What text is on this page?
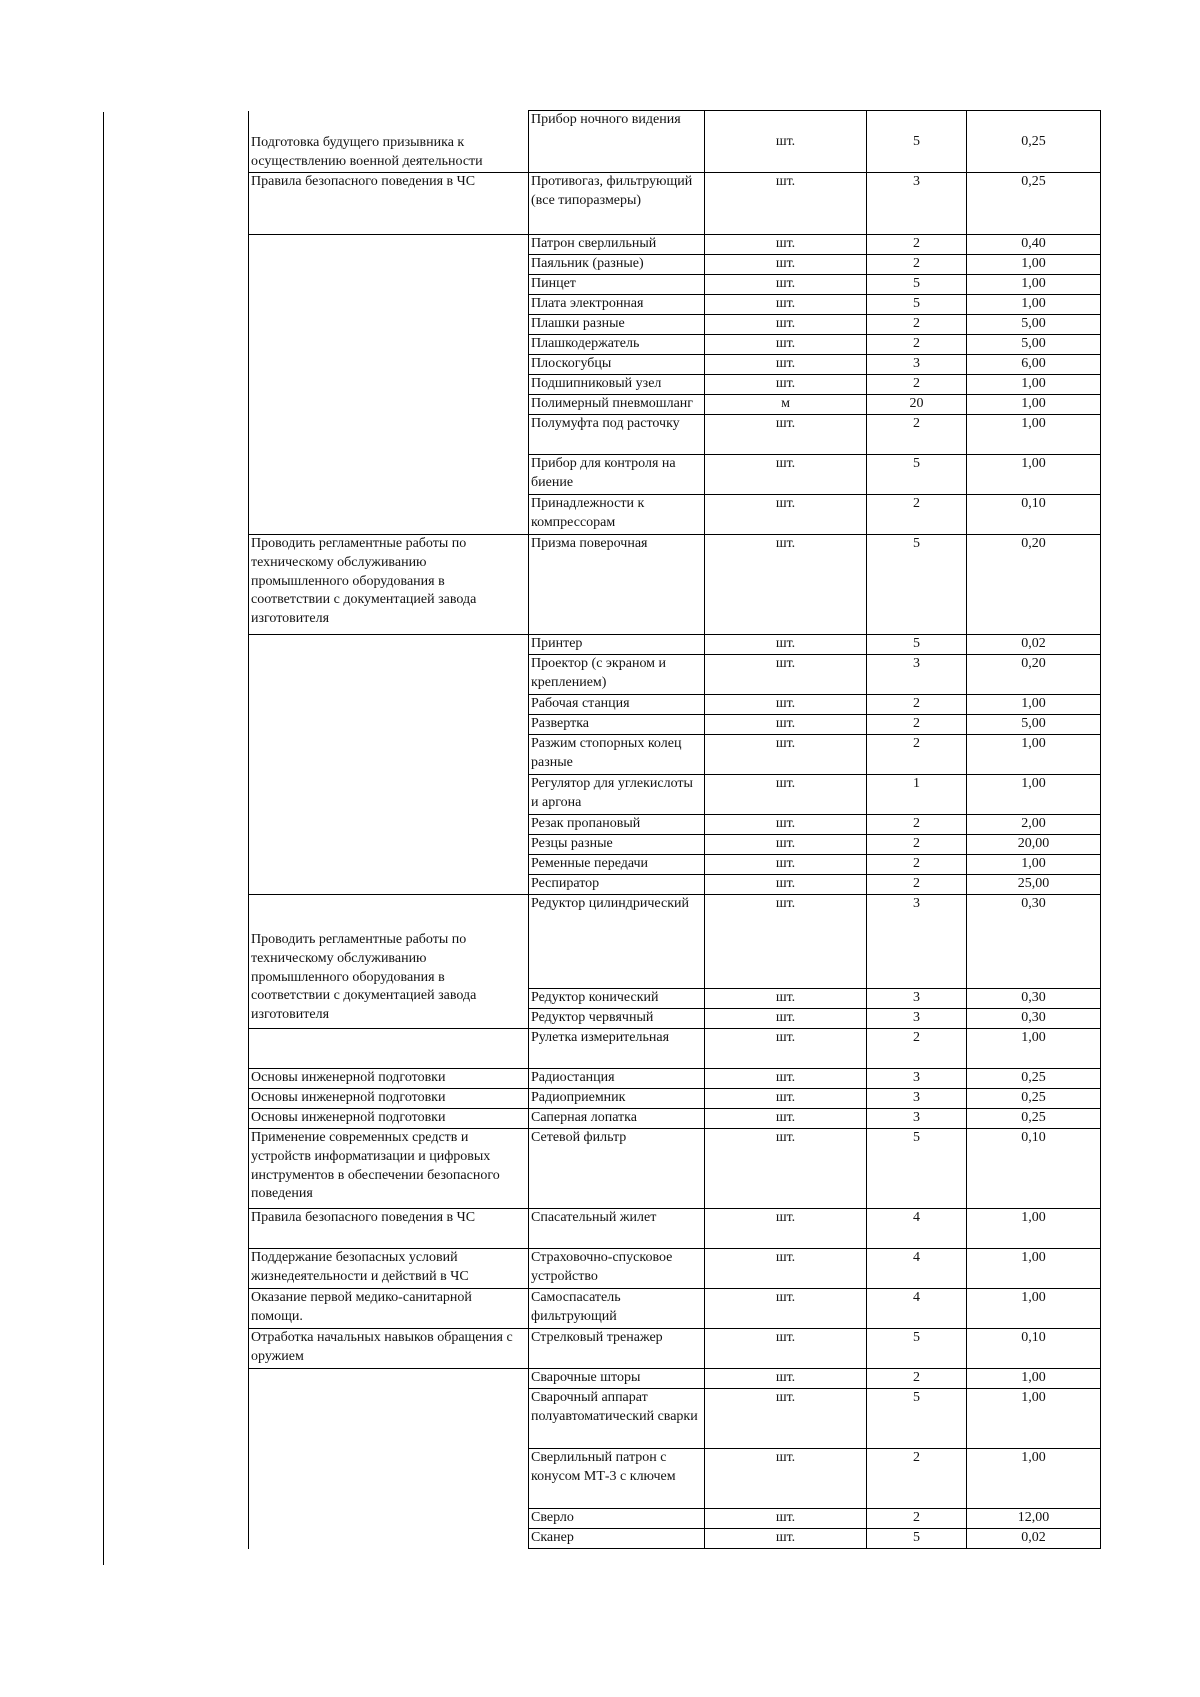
Подготовка будущего призывника к осуществлению военной деятельности	Прибор ночного видения	шт.	5	0,25
Правила безопасного поведения в ЧС	Противогаз, фильтрующий (все типоразмеры)	шт.	3	0,25
	Патрон сверлильный	шт.	2	0,40
	Паяльник (разные)	шт.	2	1,00
	Пинцет	шт.	5	1,00
	Плата электронная	шт.	5	1,00
	Плашки разные	шт.	2	5,00
	Плашкодержатель	шт.	2	5,00
	Плоскогубцы	шт.	3	6,00
	Подшипниковый узел	шт.	2	1,00
	Полимерный пневмошланг	м	20	1,00
	Полумуфта под расточку	шт.	2	1,00
	Прибор для контроля на биение	шт.	5	1,00
	Принадлежности к компрессорам	шт.	2	0,10
Проводить регламентные работы по техническому обслуживанию промышленного оборудования в соответствии с документацией завода изготовителя	Призма поверочная	шт.	5	0,20
	Принтер	шт.	5	0,02
	Проектор (с экраном и креплением)	шт.	3	0,20
	Рабочая станция	шт.	2	1,00
	Развертка	шт.	2	5,00
	Разжим стопорных колец разные	шт.	2	1,00
	Регулятор для углекислоты и аргона	шт.	1	1,00
	Резак пропановый	шт.	2	2,00
	Резцы разные	шт.	2	20,00
	Ременные передачи	шт.	2	1,00
	Респиратор	шт.	2	25,00
Проводить регламентные работы по техническому обслуживанию промышленного оборудования в соответствии с документацией завода изготовителя	Редуктор цилиндрический	шт.	3	0,30
	Редуктор конический	шт.	3	0,30
	Редуктор червячный	шт.	3	0,30
	Рулетка измерительная	шт.	2	1,00
Основы инженерной подготовки	Радиостанция	шт.	3	0,25
Основы инженерной подготовки	Радиоприемник	шт.	3	0,25
Основы инженерной подготовки	Саперная лопатка	шт.	3	0,25
Применение современных средств и устройств информатизации и цифровых инструментов в обеспечении безопасного поведения	Сетевой фильтр	шт.	5	0,10
Правила безопасного поведения в ЧС	Спасательный жилет	шт.	4	1,00
Поддержание безопасных условий жизнедеятельности и действий в ЧС	Страховочно-спусковое устройство	шт.	4	1,00
Оказание первой медико-санитарной помощи.	Самоспасатель фильтрующий	шт.	4	1,00
Отработка начальных навыков обращения с оружием	Стрелковый тренажер	шт.	5	0,10
	Сварочные шторы	шт.	2	1,00
	Сварочный аппарат полуавтоматический сварки	шт.	5	1,00
	Сверлильный патрон с конусом МТ-3 с ключем	шт.	2	1,00
	Сверло	шт.	2	12,00
	Сканер	шт.	5	0,02
